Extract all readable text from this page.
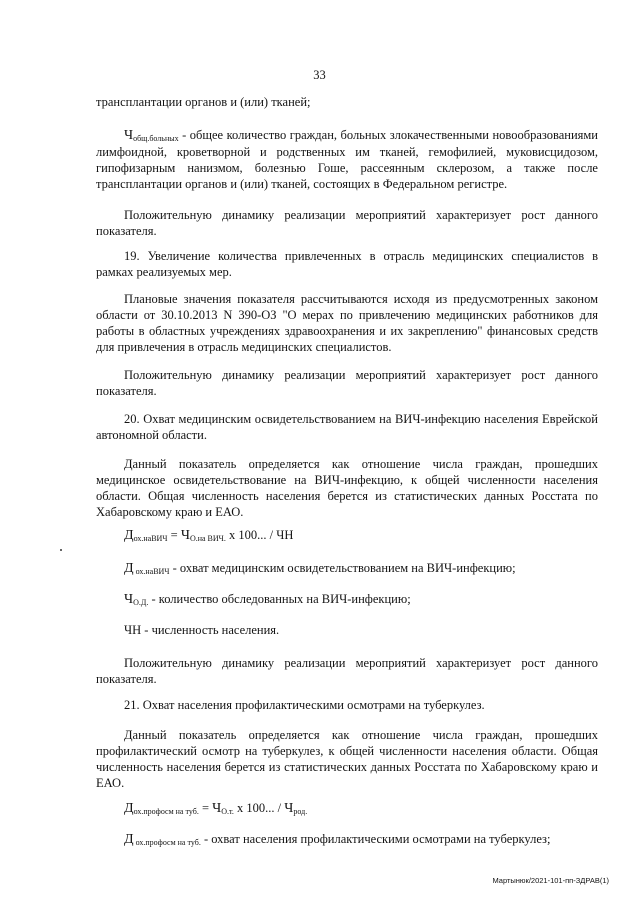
33
трансплантации органов и (или) тканей;
$Ч_{общ.больных}$ - общее количество граждан, больных злокачественными новообразованиями лимфоидной, кроветворной и родственных им тканей, гемофилией, муковисцидозом, гипофизарным нанизмом, болезнью Гоше, рассеянным склерозом, а также после трансплантации органов и (или) тканей, состоящих в Федеральном регистре.
Положительную динамику реализации мероприятий характеризует рост данного показателя.
19. Увеличение количества привлеченных в отрасль медицинских специалистов в рамках реализуемых мер.
Плановые значения показателя рассчитываются исходя из предусмотренных законом области от 30.10.2013 N 390-ОЗ "О мерах по привлечению медицинских работников для работы в областных учреждениях здравоохранения и их закреплению" финансовых средств для привлечения в отрасль медицинских специалистов.
Положительную динамику реализации мероприятий характеризует рост данного показателя.
20. Охват медицинским освидетельствованием на ВИЧ-инфекцию населения Еврейской автономной области.
Данный показатель определяется как отношение числа граждан, прошедших медицинское освидетельствование на ВИЧ-инфекцию, к общей численности населения области. Общая численность населения берется из статистических данных Росстата по Хабаровскому краю и ЕАО.
$Д_{ох.наВИЧ} = Ч_{О.на ВИЧ.}$ х 100... / ЧН
Д $_{ох.наВИЧ}$ - охват медицинским освидетельствованием на ВИЧ-инфекцию;
$Ч_{О.Д.}$ - количество обследованных на ВИЧ-инфекцию;
ЧН - численность населения.
Положительную динамику реализации мероприятий характеризует рост данного показателя.
21. Охват населения профилактическими осмотрами на туберкулез.
Данный показатель определяется как отношение числа граждан, прошедших профилактический осмотр на туберкулез, к общей численности населения области. Общая численность населения берется из статистических данных Росстата по Хабаровскому краю и ЕАО.
$Д_{ох.профосм на туб.} = Ч_{О.т.}$ х 100... / $Ч_{род.}$
Д $_{ох.профосм на туб.}$ - охват населения профилактическими осмотрами на туберкулез;
Мартынюк/2021-101-пп-ЗДРАВ(1)
